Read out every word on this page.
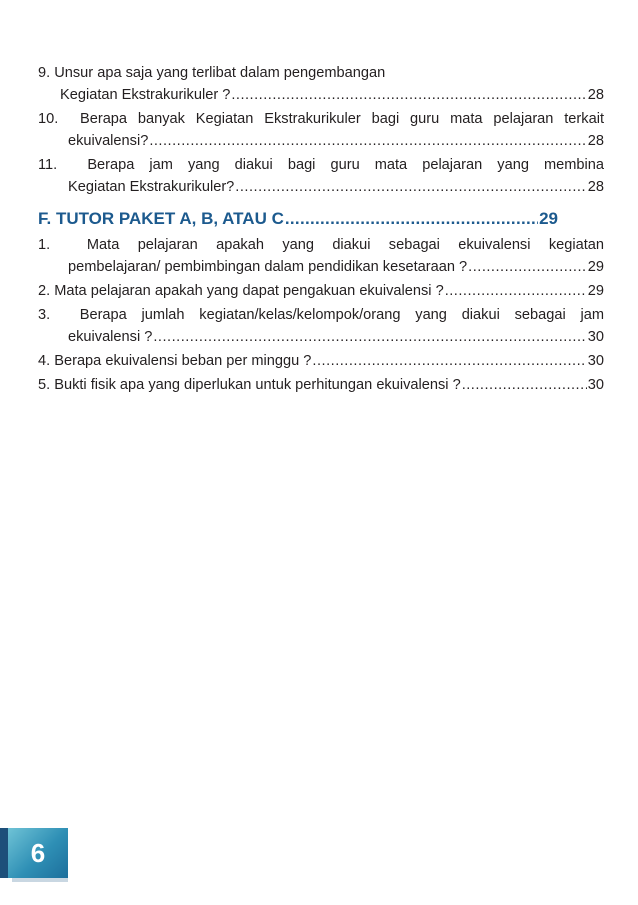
9.
Unsur apa saja yang terlibat dalam pengembangan
Kegiatan Ekstrakurikuler ? .....	28
10. Berapa banyak Kegiatan Ekstrakurikuler bagi guru mata pelajaran terkait
ekuivalensi? .....	28
11. Berapa jam yang diakui bagi guru mata pelajaran yang membina
Kegiatan Ekstrakurikuler? .....	28
F. TUTOR PAKET A, B, ATAU C .....	29
1.	Mata pelajaran apakah yang diakui sebagai ekuivalensi kegiatan
pembelajaran/ pembimbingan dalam pendidikan kesetaraan ? .....	29
2.
Mata pelajaran apakah yang dapat pengakuan ekuivalensi ? .....	29
3. Berapa jumlah kegiatan/kelas/kelompok/orang yang diakui sebagai jam
ekuivalensi ? .....	30
4.
Berapa ekuivalensi beban per minggu ? .....	30
5.
Bukti fisik apa yang diperlukan untuk perhitungan ekuivalensi ? .....	30
6
